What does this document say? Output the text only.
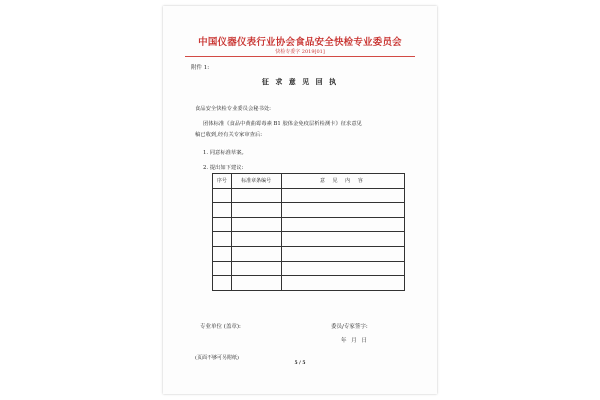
中国仪器仪表行业协会食品安全快检专业委员会
快检专委字 2019[01]
附件 1:
征 求 意 见 回 执
食品安全快检专业委员会秘书处:
团体标准《食品中黄曲霉毒素 B1 胶体金免疫层析检测卡》征求意见
稿已收到,经有关专家审查后:
1. 同意标准草案。
2. 提出如下建议:
序号	标准章条编号	意 见 内 容

专业单位 (盖章):	委员/专家签字:
年 月 日
(页面不够可另附纸)
5 / 5
